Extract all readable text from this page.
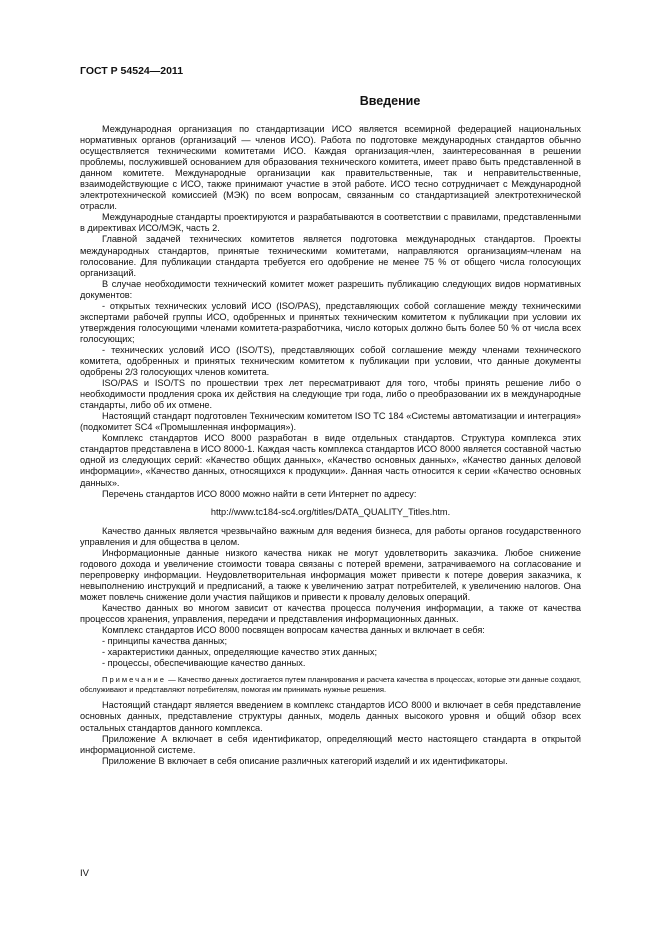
ГОСТ Р 54524—2011
Введение

Международная организация по стандартизации ИСО является всемирной федерацией национальных нормативных органов (организаций — членов ИСО). Работа по подготовке международных стандартов обычно осуществляется техническими комитетами ИСО. Каждая организация-член, заинтересованная в решении проблемы, послужившей основанием для образования технического комитета, имеет право быть представленной в данном комитете. Международные организации как правительственные, так и неправительственные, взаимодействующие с ИСО, также принимают участие в этой работе. ИСО тесно сотрудничает с Международной электротехнической комиссией (МЭК) по всем вопросам, связанным со стандартизацией электротехнической отрасли.

Международные стандарты проектируются и разрабатываются в соответствии с правилами, представленными в директивах ИСО/МЭК, часть 2.

Главной задачей технических комитетов является подготовка международных стандартов. Проекты международных стандартов, принятые техническими комитетами, направляются организациям-членам на голосование. Для публикации стандарта требуется его одобрение не менее 75 % от общего числа голосующих организаций.

В случае необходимости технический комитет может разрешить публикацию следующих видов нормативных документов:

- открытых технических условий ИСО (ISO/PAS), представляющих собой соглашение между техническими экспертами рабочей группы ИСО, одобренных и принятых техническим комитетом к публикации при условии их утверждения голосующими членами комитета-разработчика, число которых должно быть более 50 % от числа всех голосующих;

- технических условий ИСО (ISO/TS), представляющих собой соглашение между членами технического комитета, одобренных и принятых техническим комитетом к публикации при условии, что данные документы одобрены 2/3 голосующих членов комитета.

ISO/PAS и ISO/TS по прошествии трех лет пересматривают для того, чтобы принять решение либо о необходимости продления срока их действия на следующие три года, либо о преобразовании их в международные стандарты, либо об их отмене.

Настоящий стандарт подготовлен Техническим комитетом ISO TC 184 «Системы автоматизации и интеграция» (подкомитет SC4 «Промышленная информация»).

Комплекс стандартов ИСО 8000 разработан в виде отдельных стандартов. Структура комплекса этих стандартов представлена в ИСО 8000-1. Каждая часть комплекса стандартов ИСО 8000 является составной частью одной из следующих серий: «Качество общих данных», «Качество основных данных», «Качество данных деловой информации», «Качество данных, относящихся к продукции». Данная часть относится к серии «Качество основных данных».

Перечень стандартов ИСО 8000 можно найти в сети Интернет по адресу:

http://www.tc184-sc4.org/titles/DATA_QUALITY_Titles.htm.

Качество данных является чрезвычайно важным для ведения бизнеса, для работы органов государственного управления и для общества в целом.

Информационные данные низкого качества никак не могут удовлетворить заказчика. Любое снижение годового дохода и увеличение стоимости товара связаны с потерей времени, затрачиваемого на согласование и перепроверку информации. Неудовлетворительная информация может привести к потере доверия заказчика, к невыполнению инструкций и предписаний, а также к увеличению затрат потребителей, к увеличению налогов. Она может повлечь снижение доли участия пайщиков и привести к провалу деловых операций.

Качество данных во многом зависит от качества процесса получения информации, а также от качества процессов хранения, управления, передачи и представления информационных данных.

Комплекс стандартов ИСО 8000 посвящен вопросам качества данных и включает в себя:

- принципы качества данных;

- характеристики данных, определяющие качество этих данных;

- процессы, обеспечивающие качество данных.

Примечание — Качество данных достигается путем планирования и расчета качества в процессах, которые эти данные создают, обслуживают и представляют потребителям, помогая им принимать нужные решения.

Настоящий стандарт является введением в комплекс стандартов ИСО 8000 и включает в себя представление основных данных, представление структуры данных, модель данных высокого уровня и общий обзор всех остальных стандартов данного комплекса.

Приложение А включает в себя идентификатор, определяющий место настоящего стандарта в открытой информационной системе.

Приложение В включает в себя описание различных категорий изделий и их идентификаторы.

IV
